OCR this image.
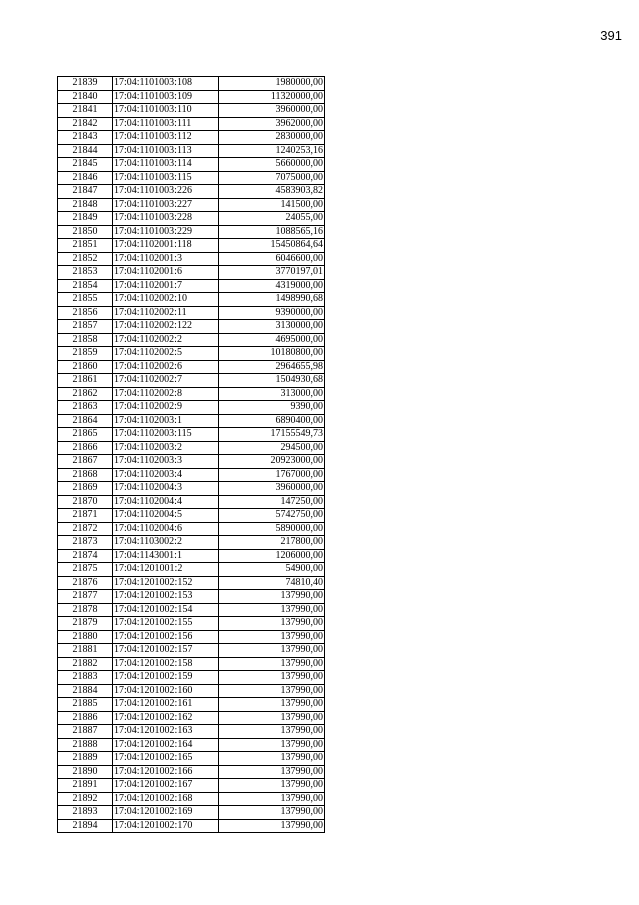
391
21839	17:04:1101003:108	1980000,00
21840	17:04:1101003:109	11320000,00
21841	17:04:1101003:110	3960000,00
21842	17:04:1101003:111	3962000,00
21843	17:04:1101003:112	2830000,00
21844	17:04:1101003:113	1240253,16
21845	17:04:1101003:114	5660000,00
21846	17:04:1101003:115	7075000,00
21847	17:04:1101003:226	4583903,82
21848	17:04:1101003:227	141500,00
21849	17:04:1101003:228	24055,00
21850	17:04:1101003:229	1088565,16
21851	17:04:1102001:118	15450864,64
21852	17:04:1102001:3	6046600,00
21853	17:04:1102001:6	3770197,01
21854	17:04:1102001:7	4319000,00
21855	17:04:1102002:10	1498990,68
21856	17:04:1102002:11	9390000,00
21857	17:04:1102002:122	3130000,00
21858	17:04:1102002:2	4695000,00
21859	17:04:1102002:5	10180800,00
21860	17:04:1102002:6	2964655,98
21861	17:04:1102002:7	1504930,68
21862	17:04:1102002:8	313000,00
21863	17:04:1102002:9	9390,00
21864	17:04:1102003:1	6890400,00
21865	17:04:1102003:115	17155549,73
21866	17:04:1102003:2	294500,00
21867	17:04:1102003:3	20923000,00
21868	17:04:1102003:4	1767000,00
21869	17:04:1102004:3	3960000,00
21870	17:04:1102004:4	147250,00
21871	17:04:1102004:5	5742750,00
21872	17:04:1102004:6	5890000,00
21873	17:04:1103002:2	217800,00
21874	17:04:1143001:1	1206000,00
21875	17:04:1201001:2	54900,00
21876	17:04:1201002:152	74810,40
21877	17:04:1201002:153	137990,00
21878	17:04:1201002:154	137990,00
21879	17:04:1201002:155	137990,00
21880	17:04:1201002:156	137990,00
21881	17:04:1201002:157	137990,00
21882	17:04:1201002:158	137990,00
21883	17:04:1201002:159	137990,00
21884	17:04:1201002:160	137990,00
21885	17:04:1201002:161	137990,00
21886	17:04:1201002:162	137990,00
21887	17:04:1201002:163	137990,00
21888	17:04:1201002:164	137990,00
21889	17:04:1201002:165	137990,00
21890	17:04:1201002:166	137990,00
21891	17:04:1201002:167	137990,00
21892	17:04:1201002:168	137990,00
21893	17:04:1201002:169	137990,00
21894	17:04:1201002:170	137990,00
